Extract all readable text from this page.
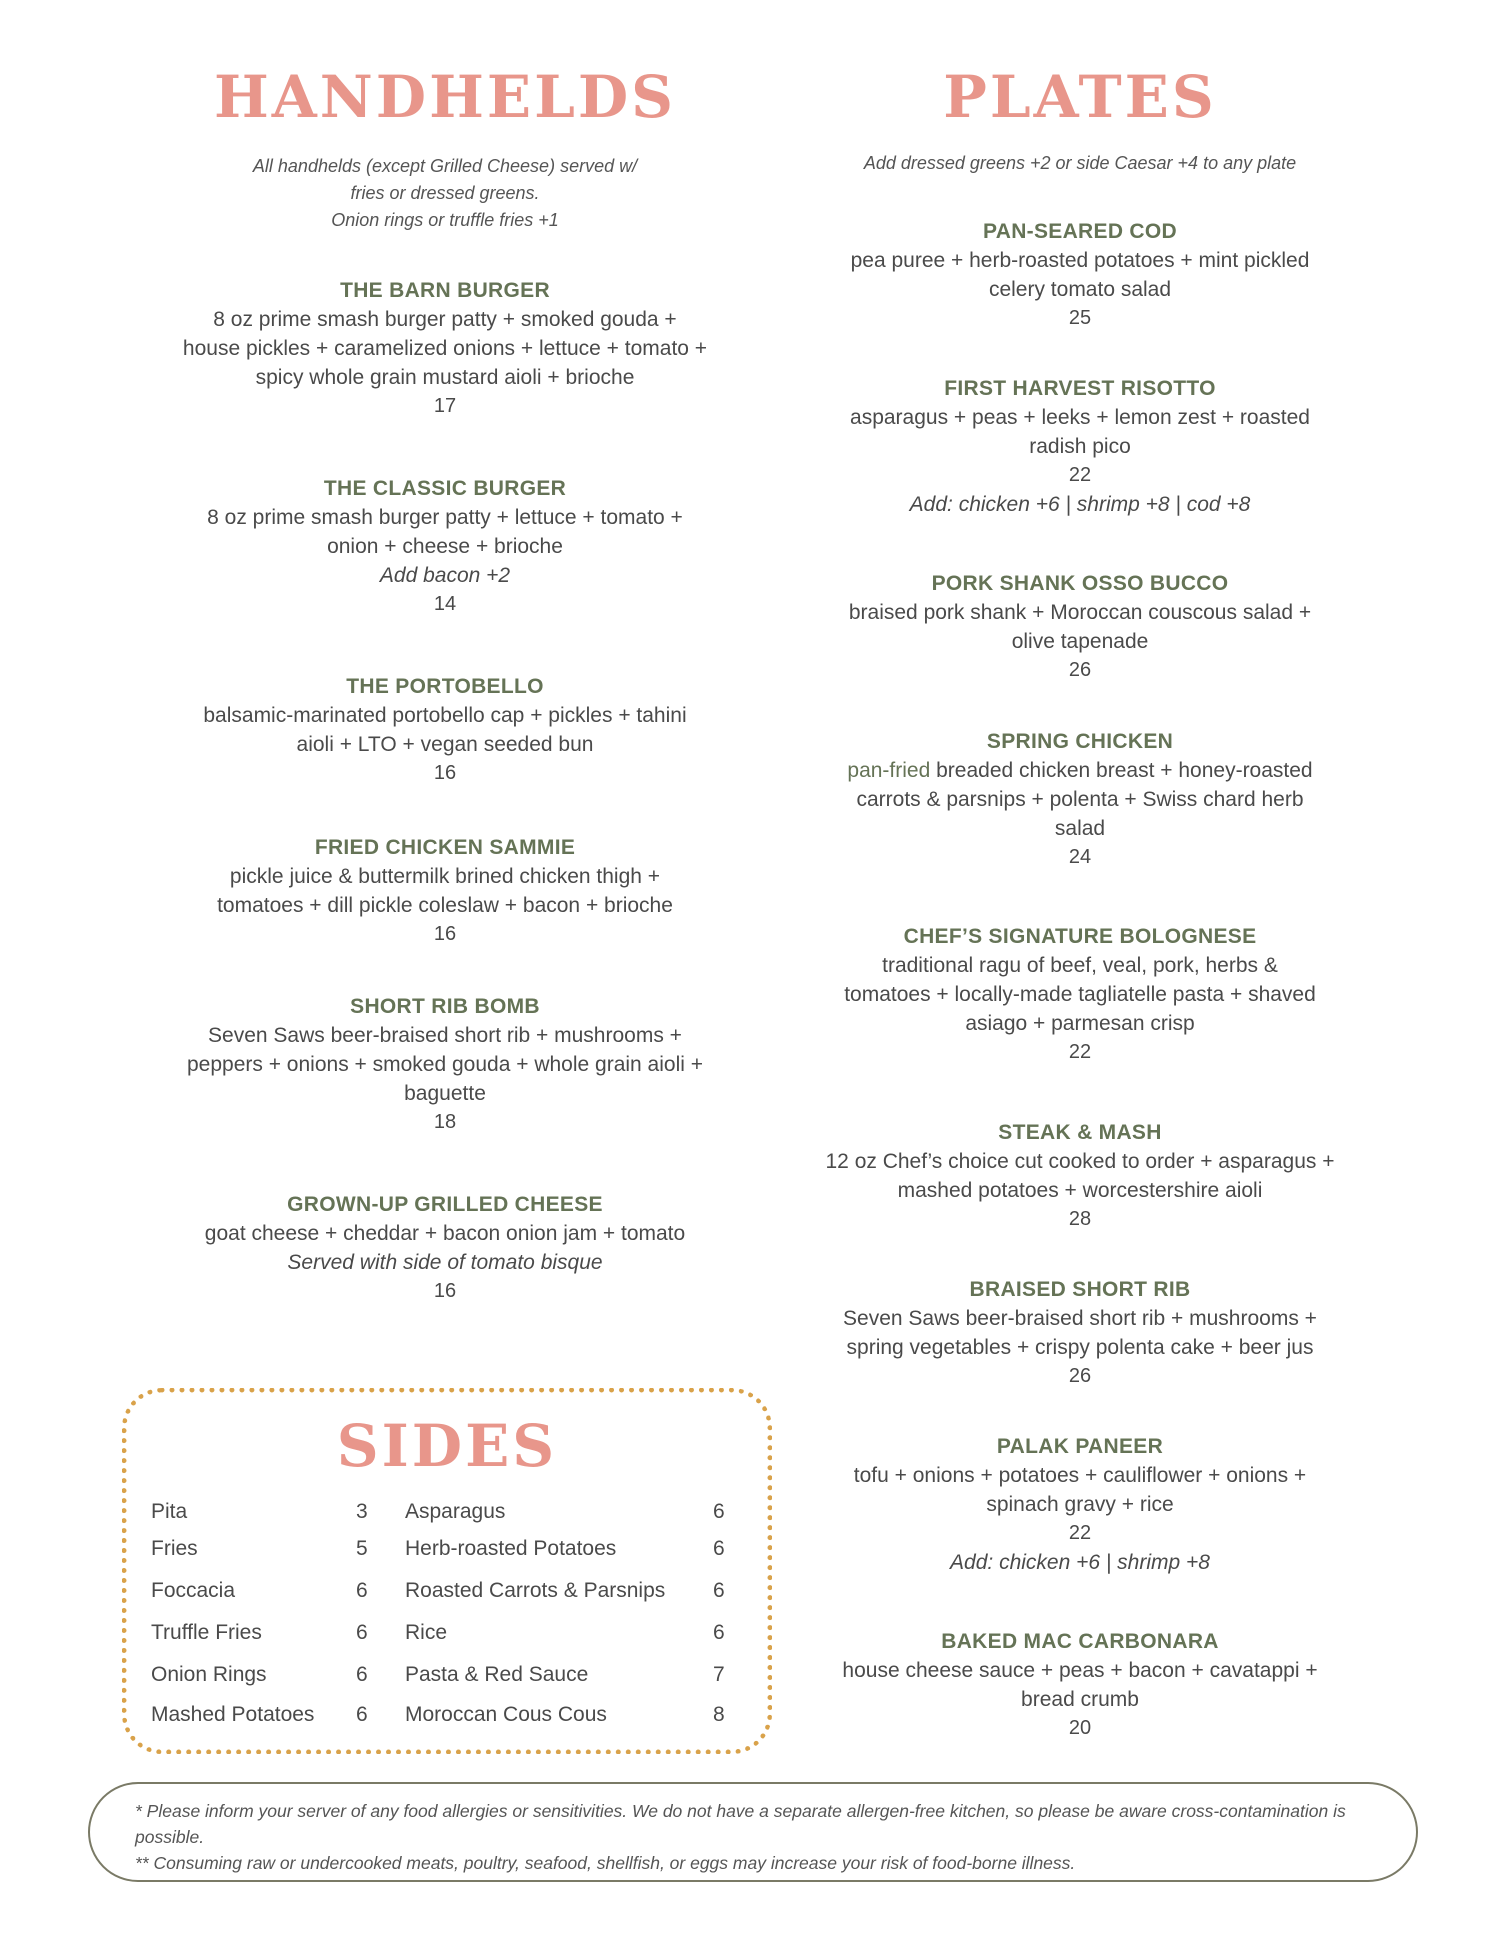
HANDHELDS
All handhelds (except Grilled Cheese) served w/
fries or dressed greens.
Onion rings or truffle fries +1
THE BARN BURGER
8 oz prime smash burger patty + smoked gouda +
house pickles + caramelized onions + lettuce + tomato +
spicy whole grain mustard aioli + brioche
17
THE CLASSIC BURGER
8 oz prime smash burger patty + lettuce + tomato +
onion + cheese + brioche
Add bacon +2
14
THE PORTOBELLO
balsamic-marinated portobello cap + pickles + tahini
aioli + LTO + vegan seeded bun
16
FRIED CHICKEN SAMMIE
pickle juice & buttermilk brined chicken thigh +
tomatoes + dill pickle coleslaw + bacon + brioche
16
SHORT RIB BOMB
Seven Saws beer-braised short rib + mushrooms +
peppers + onions + smoked gouda + whole grain aioli +
baguette
18
GROWN-UP GRILLED CHEESE
goat cheese + cheddar + bacon onion jam + tomato
Served with side of tomato bisque
16
PLATES
Add dressed greens +2 or side Caesar +4 to any plate
PAN-SEARED COD
pea puree + herb-roasted potatoes + mint pickled
celery tomato salad
25
FIRST HARVEST RISOTTO
asparagus + peas + leeks + lemon zest + roasted
radish pico
22
Add: chicken +6 | shrimp +8 | cod +8
PORK SHANK OSSO BUCCO
braised pork shank + Moroccan couscous salad +
olive tapenade
26
SPRING CHICKEN
pan-fried breaded chicken breast + honey-roasted
carrots & parsnips + polenta + Swiss chard herb
salad
24
CHEF’S SIGNATURE BOLOGNESE
traditional ragu of beef, veal, pork, herbs &
tomatoes + locally-made tagliatelle pasta + shaved
asiago + parmesan crisp
22
STEAK & MASH
12 oz Chef’s choice cut cooked to order + asparagus +
mashed potatoes + worcestershire aioli
28
BRAISED SHORT RIB
Seven Saws beer-braised short rib + mushrooms +
spring vegetables + crispy polenta cake + beer jus
26
PALAK PANEER
tofu + onions + potatoes + cauliflower + onions +
spinach gravy + rice
22
Add: chicken +6 | shrimp +8
BAKED MAC CARBONARA
house cheese sauce + peas + bacon + cavatappi +
bread crumb
20
SIDES
Pita	3
Fries	5
Foccacia	6
Truffle Fries	6
Onion Rings	6
Mashed Potatoes 6
Asparagus	6
Herb-roasted Potatoes	6
Roasted Carrots & Parsnips 6
Rice	6
Pasta & Red Sauce	7
Moroccan Cous Cous	8
* Please inform your server of any food allergies or sensitivities. We do not have a separate allergen-free kitchen, so please be aware cross-contamination is possible.
** Consuming raw or undercooked meats, poultry, seafood, shellfish, or eggs may increase your risk of food-borne illness.
